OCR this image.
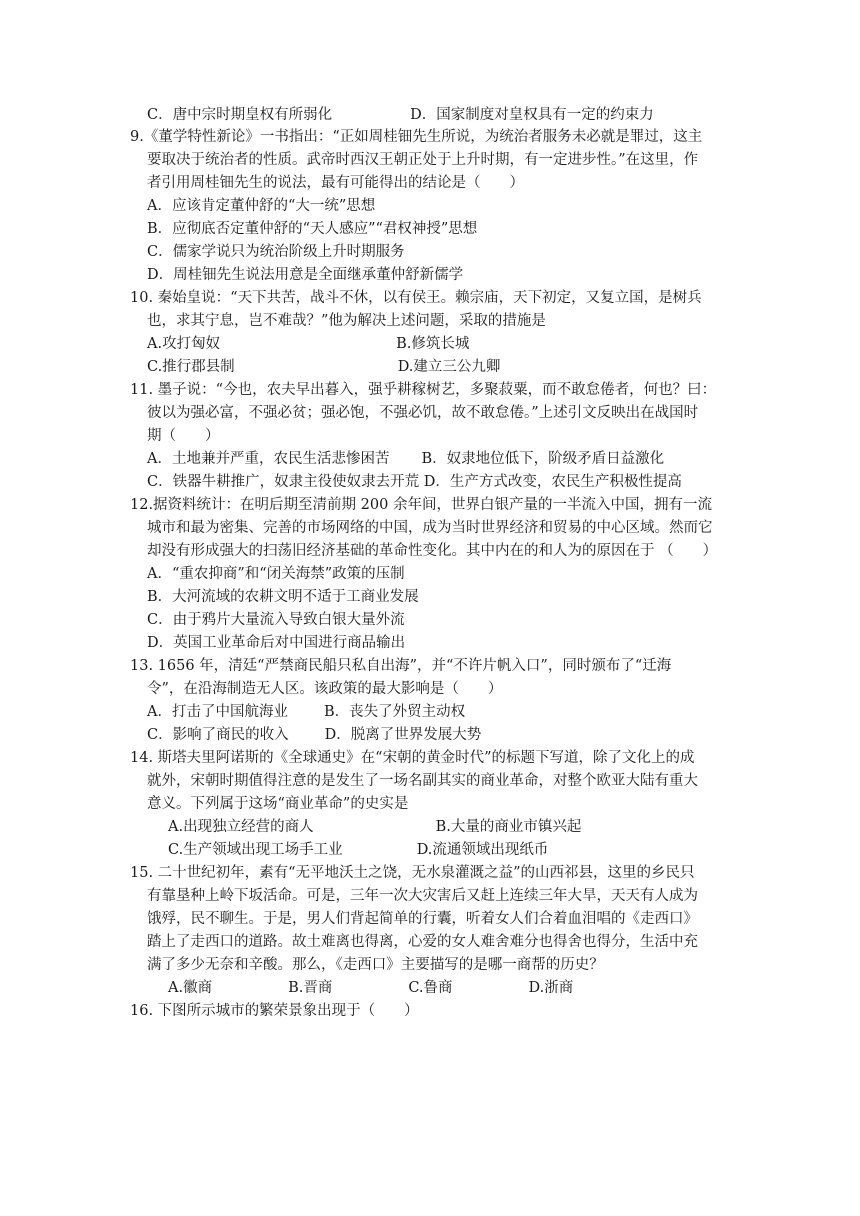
C．唐中宗时期皇权有所弱化	D．国家制度对皇权具有一定的约束力
9.《董学特性新论》一书指出：“正如周桂钿先生所说，为统治者服务未必就是罪过，这主
要取决于统治者的性质。武帝时西汉王朝正处于上升时期，有一定进步性。”在这里，作
者引用周桂钿先生的说法，最有可能得出的结论是（　　）
A．应该肯定董仲舒的“大一统”思想
B．应彻底否定董仲舒的“天人感应”“君权神授”思想
C．儒家学说只为统治阶级上升时期服务
D．周桂钿先生说法用意是全面继承董仲舒新儒学
10. 秦始皇说：“天下共苦，战斗不休，以有侯王。赖宗庙，天下初定，又复立国，是树兵
也，求其宁息，岂不难哉？”他为解决上述问题，采取的措施是
A.攻打匈奴	B.修筑长城
C.推行郡县制	D.建立三公九卿
11. 墨子说：“今也，农夫早出暮入，强乎耕稼树艺，多聚菽粟，而不敢怠倦者，何也？曰：
彼以为强必富，不强必贫；强必饱，不强必饥，故不敢怠倦。”上述引文反映出在战国时
期（　　）
A．土地兼并严重，农民生活悲惨困苦 B．奴隶地位低下，阶级矛盾日益激化
C．铁器牛耕推广，奴隶主役使奴隶去开荒 D．生产方式改变，农民生产积极性提高
12.据资料统计：在明后期至清前期 200 余年间，世界白银产量的一半流入中国，拥有一流
城市和最为密集、完善的市场网络的中国，成为当时世界经济和贸易的中心区域。然而它
却没有形成强大的扫荡旧经济基础的革命性变化。其中内在的和人为的原因在于 （　　）
A．“重农抑商”和“闭关海禁”政策的压制
B．大河流域的农耕文明不适于工商业发展
C．由于鸦片大量流入导致白银大量外流
D．英国工业革命后对中国进行商品输出
13. 1656 年，清廷“严禁商民船只私自出海”，并“不许片帆入口”，同时颁布了“迁海
令”，在沿海制造无人区。该政策的最大影响是（　　）
A．打击了中国航海业 B．丧失了外贸主动权
C．影响了商民的收入 D．脱离了世界发展大势
14. 斯塔夫里阿诺斯的《全球通史》在“宋朝的黄金时代”的标题下写道，除了文化上的成
就外，宋朝时期值得注意的是发生了一场名副其实的商业革命，对整个欧亚大陆有重大
意义。下列属于这场“商业革命”的史实是
A.出现独立经营的商人	B.大量的商业市镇兴起
C.生产领域出现工场手工业	D.流通领域出现纸币
15. 二十世纪初年，素有“无平地沃土之饶，无水泉灌溉之益”的山西祁县，这里的乡民只
有靠垦种上岭下坂活命。可是，三年一次大灾害后又赶上连续三年大旱，天天有人成为
饿殍，民不聊生。于是，男人们背起简单的行囊，听着女人们合着血泪唱的《走西口》
踏上了走西口的道路。故土难离也得离，心爱的女人难舍难分也得舍也得分，生活中充
满了多少无奈和辛酸。那么，《走西口》主要描写的是哪一商帮的历史？
A.徽商	B.晋商	C.鲁商	D.浙商
16. 下图所示城市的繁荣景象出现于（　　）
